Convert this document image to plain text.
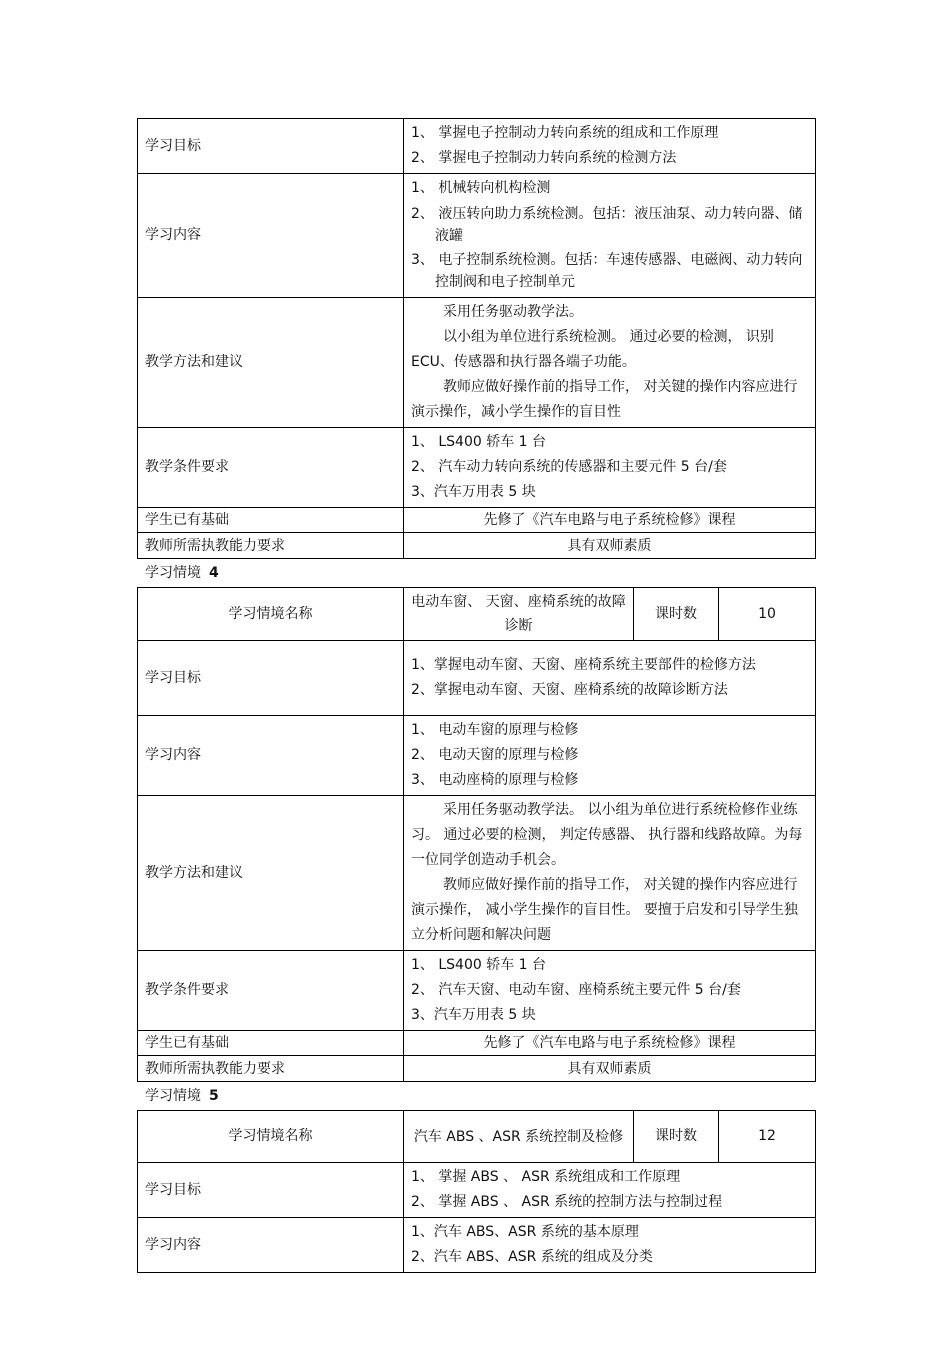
学习目标	1、 掌握电子控制动力转向系统的组成和工作原理
2、 掌握电子控制动力转向系统的检测方法

学习内容	1、 机械转向机构检测
2、 液压转向助力系统检测。包括：液压油泵、动力转向器、储液罐
3、 电子控制系统检测。包括：车速传感器、电磁阀、动力转向控制阀和电子控制单元

教学方法和建议	采用任务驱动教学法。
以小组为单位进行系统检测。 通过必要的检测， 识别 ECU、传感器和执行器各端子功能。
教师应做好操作前的指导工作， 对关键的操作内容应进行演示操作，减小学生操作的盲目性

教学条件要求	1、 LS400 轿车 1 台
2、 汽车动力转向系统的传感器和主要元件 5 台/套
3、汽车万用表 5 块

学生已有基础	先修了《汽车电路与电子系统检修》课程
教师所需执教能力要求	具有双师素质
学习情境 4
学习情境名称	电动车窗、 天窗、座椅系统的故障诊断	课时数	10
学习目标	1、掌握电动车窗、天窗、座椅系统主要部件的检修方法
2、掌握电动车窗、天窗、座椅系统的故障诊断方法		

学习内容	1、 电动车窗的原理与检修
2、 电动天窗的原理与检修
3、 电动座椅的原理与检修		

教学方法和建议	采用任务驱动教学法。 以小组为单位进行系统检修作业练习。 通过必要的检测， 判定传感器、 执行器和线路故障。为每一位同学创造动手机会。
教师应做好操作前的指导工作， 对关键的操作内容应进行演示操作， 减小学生操作的盲目性。 要擅于启发和引导学生独立分析问题和解决问题		

教学条件要求	1、 LS400 轿车 1 台
2、 汽车天窗、电动车窗、座椅系统主要元件 5 台/套
3、汽车万用表 5 块		

学生已有基础	先修了《汽车电路与电子系统检修》课程		
教师所需执教能力要求	具有双师素质		
学习情境 5
学习情境名称	汽车 ABS 、ASR 系统控制及检修	课时数	12
学习目标	1、 掌握 ABS 、 ASR 系统组成和工作原理
2、 掌握 ABS 、 ASR 系统的控制方法与控制过程		

学习内容	1、汽车 ABS、ASR 系统的基本原理
2、汽车 ABS、ASR 系统的组成及分类		
